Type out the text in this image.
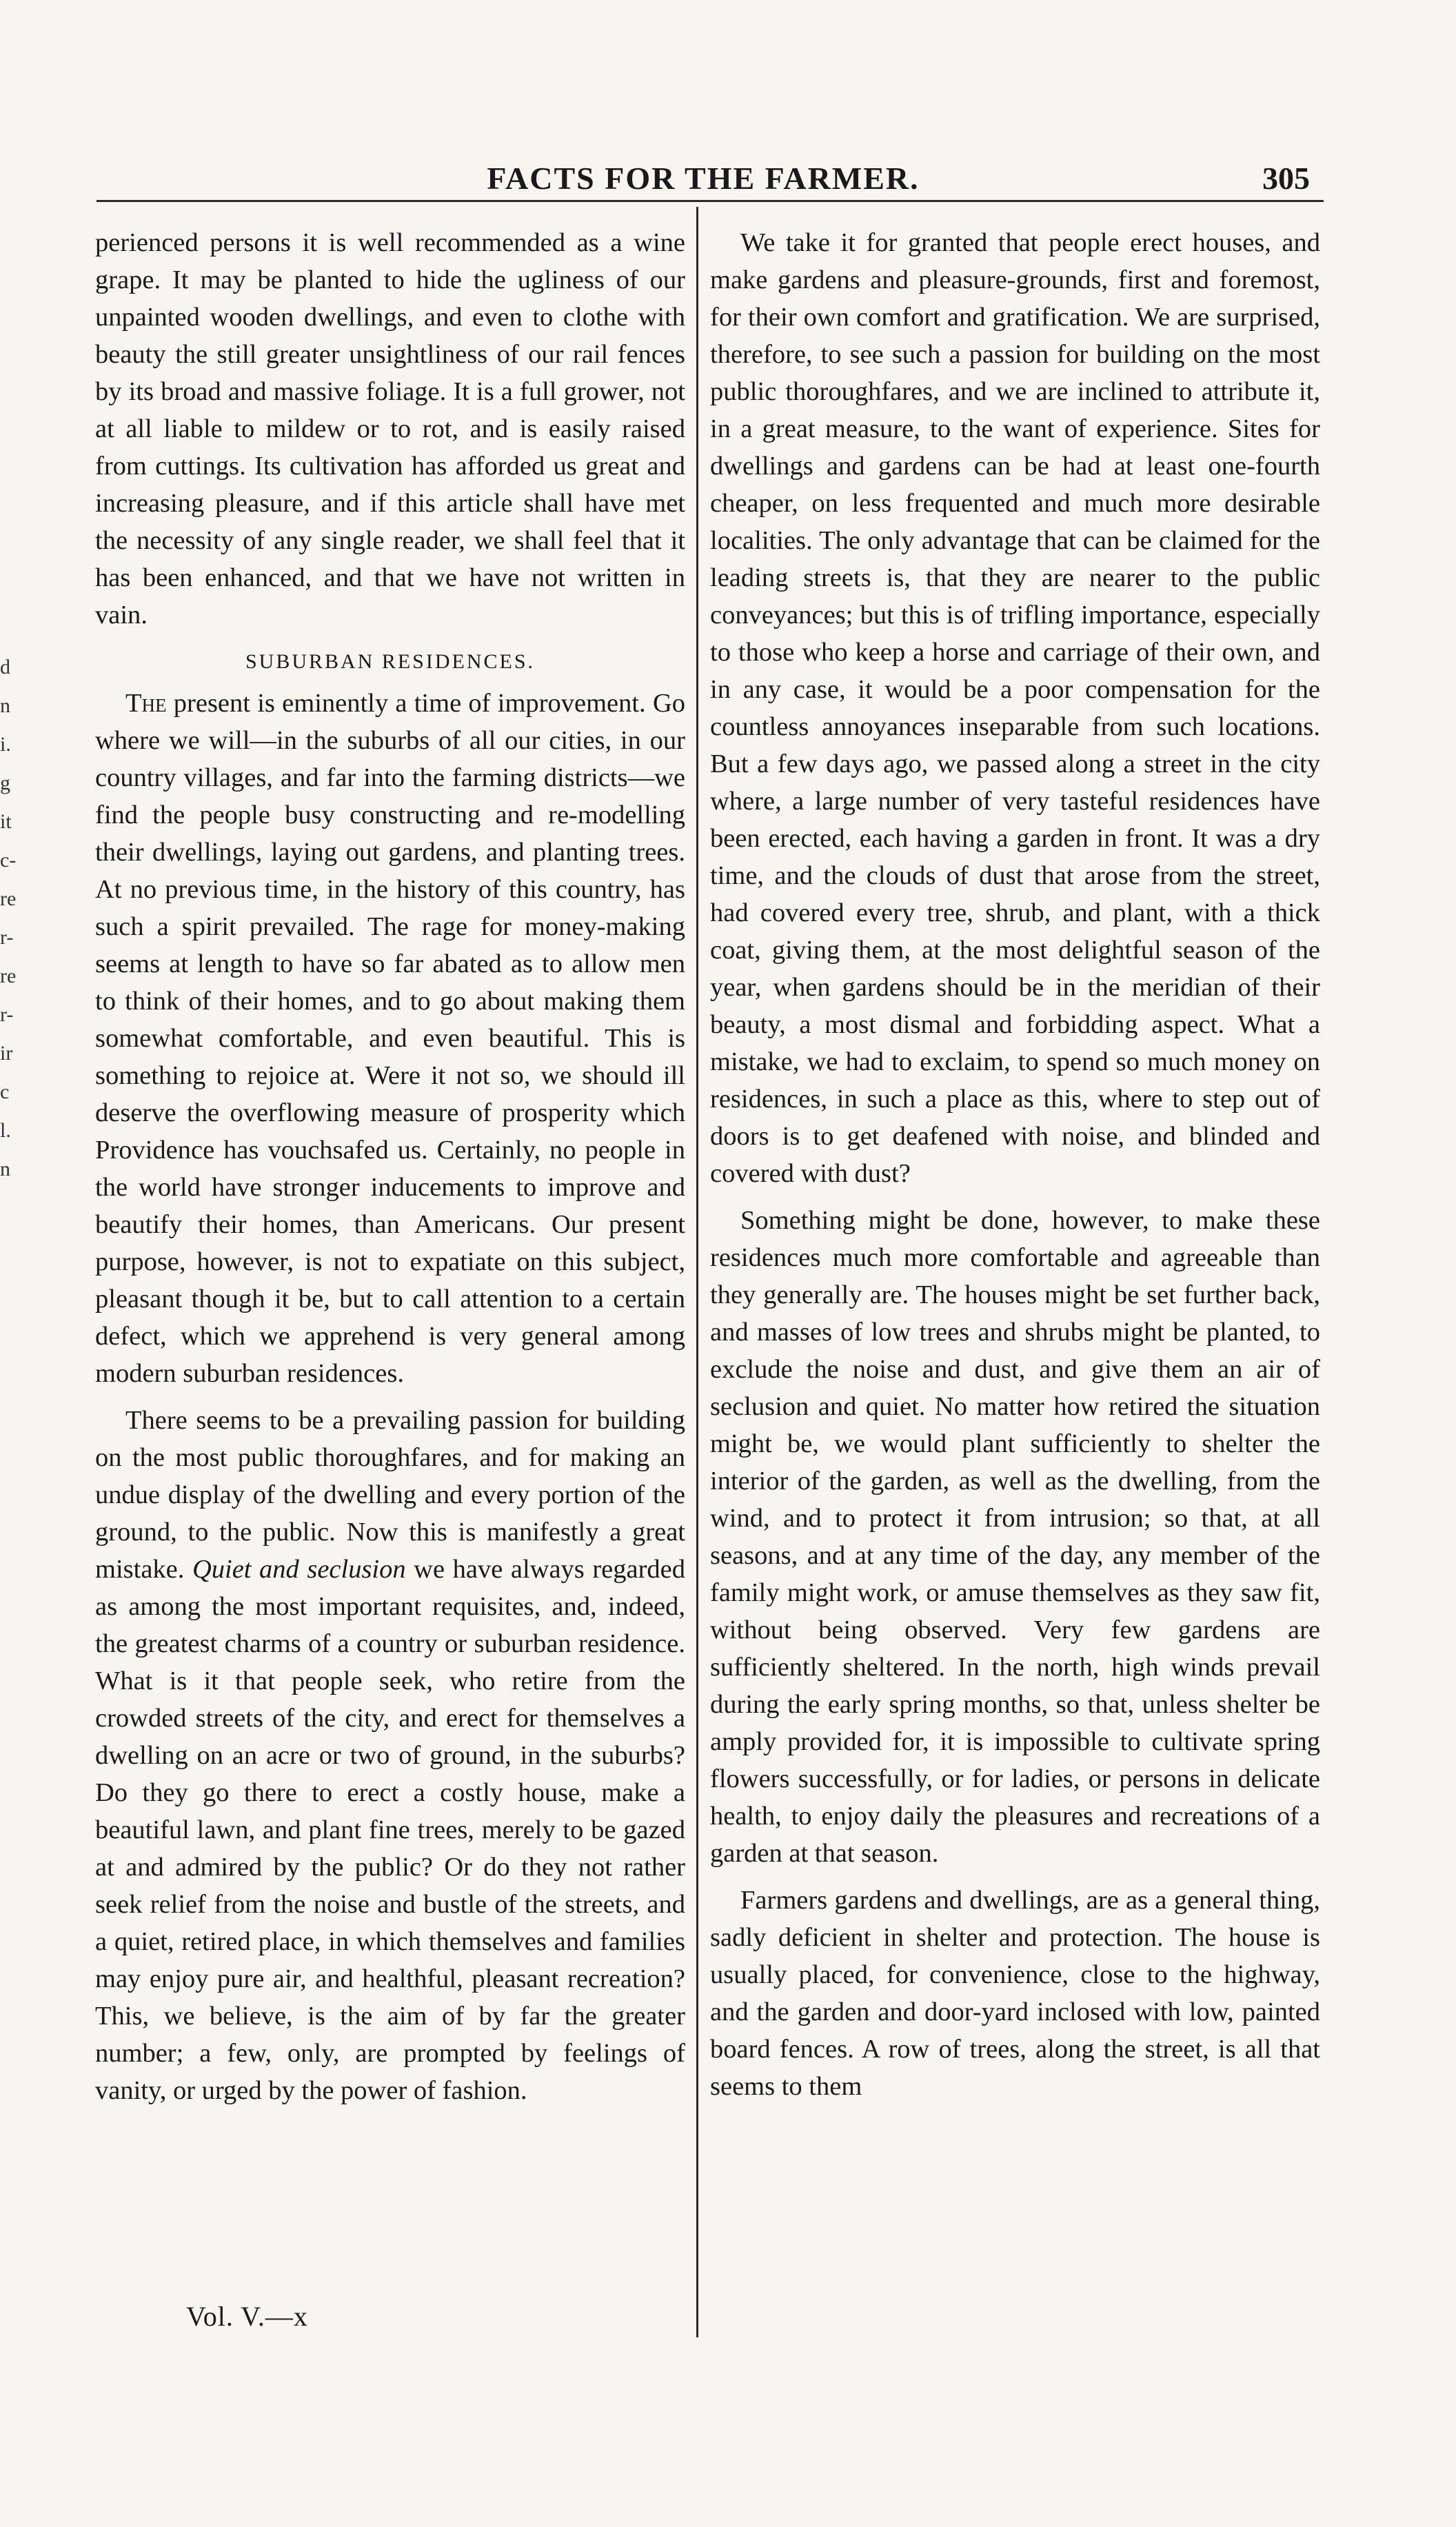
FACTS FOR THE FARMER.	305
d
n
i.
g
it
c-
re
r-
re
r-
ir
c
l.
n

perienced persons it is well recommended as a wine grape. It may be planted to hide the ugliness of our unpainted wooden dwellings, and even to clothe with beauty the still greater unsightliness of our rail fences by its broad and massive foliage. It is a full grower, not at all liable to mildew or to rot, and is easily raised from cuttings. Its cultivation has afforded us great and increasing pleasure, and if this article shall have met the necessity of any single reader, we shall feel that it has been enhanced, and that we have not written in vain.

SUBURBAN RESIDENCES.

The present is eminently a time of improvement. Go where we will—in the suburbs of all our cities, in our country villages, and far into the farming districts—we find the people busy constructing and re-modelling their dwellings, laying out gardens, and planting trees. At no previous time, in the history of this country, has such a spirit prevailed. The rage for money-making seems at length to have so far abated as to allow men to think of their homes, and to go about making them somewhat comfortable, and even beautiful. This is something to rejoice at. Were it not so, we should ill deserve the overflowing measure of prosperity which Providence has vouchsafed us. Certainly, no people in the world have stronger inducements to improve and beautify their homes, than Americans. Our present purpose, however, is not to expatiate on this subject, pleasant though it be, but to call attention to a certain defect, which we apprehend is very general among modern suburban residences.

There seems to be a prevailing passion for building on the most public thoroughfares, and for making an undue display of the dwelling and every portion of the ground, to the public. Now this is manifestly a great mistake. Quiet and seclusion we have always regarded as among the most important requisites, and, indeed, the greatest charms of a country or suburban residence. What is it that people seek, who retire from the crowded streets of the city, and erect for themselves a dwelling on an acre or two of ground, in the suburbs? Do they go there to erect a costly house, make a beautiful lawn, and plant fine trees, merely to be gazed at and admired by the public? Or do they not rather seek relief from the noise and bustle of the streets, and a quiet, retired place, in which themselves and families may enjoy pure air, and healthful, pleasant recreation? This, we believe, is the aim of by far the greater number; a few, only, are prompted by feelings of vanity, or urged by the power of fashion.

We take it for granted that people erect houses, and make gardens and pleasure-grounds, first and foremost, for their own comfort and gratification. We are surprised, therefore, to see such a passion for building on the most public thoroughfares, and we are inclined to attribute it, in a great measure, to the want of experience. Sites for dwellings and gardens can be had at least one-fourth cheaper, on less frequented and much more desirable localities. The only advantage that can be claimed for the leading streets is, that they are nearer to the public conveyances; but this is of trifling importance, especially to those who keep a horse and carriage of their own, and in any case, it would be a poor compensation for the countless annoyances inseparable from such locations. But a few days ago, we passed along a street in the city where, a large number of very tasteful residences have been erected, each having a garden in front. It was a dry time, and the clouds of dust that arose from the street, had covered every tree, shrub, and plant, with a thick coat, giving them, at the most delightful season of the year, when gardens should be in the meridian of their beauty, a most dismal and forbidding aspect. What a mistake, we had to exclaim, to spend so much money on residences, in such a place as this, where to step out of doors is to get deafened with noise, and blinded and covered with dust?

Something might be done, however, to make these residences much more comfortable and agreeable than they generally are. The houses might be set further back, and masses of low trees and shrubs might be planted, to exclude the noise and dust, and give them an air of seclusion and quiet. No matter how retired the situation might be, we would plant sufficiently to shelter the interior of the garden, as well as the dwelling, from the wind, and to protect it from intrusion; so that, at all seasons, and at any time of the day, any member of the family might work, or amuse themselves as they saw fit, without being observed. Very few gardens are sufficiently sheltered. In the north, high winds prevail during the early spring months, so that, unless shelter be amply provided for, it is impossible to cultivate spring flowers successfully, or for ladies, or persons in delicate health, to enjoy daily the pleasures and recreations of a garden at that season.

Farmers gardens and dwellings, are as a general thing, sadly deficient in shelter and protection. The house is usually placed, for convenience, close to the highway, and the garden and door-yard inclosed with low, painted board fences. A row of trees, along the street, is all that seems to them

Vol. V.—x
